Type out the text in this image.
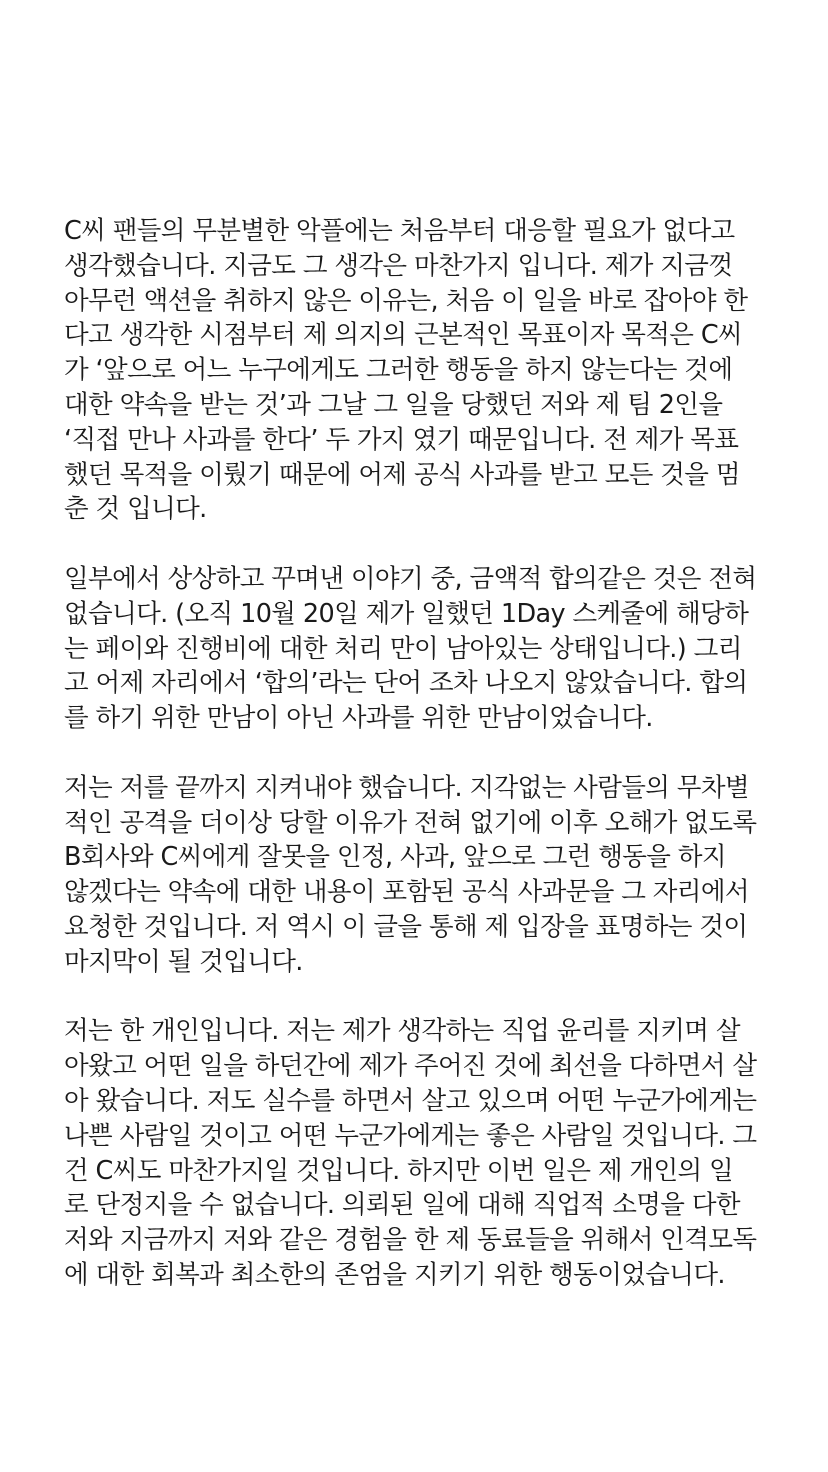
C씨 팬들의 무분별한 악플에는 처음부터 대응할 필요가 없다고
생각했습니다. 지금도 그 생각은 마찬가지 입니다. 제가 지금껏
아무런 액션을 취하지 않은 이유는, 처음 이 일을 바로 잡아야 한
다고 생각한 시점부터 제 의지의 근본적인 목표이자 목적은 C씨
가 ‘앞으로 어느 누구에게도 그러한 행동을 하지 않는다는 것에
대한 약속을 받는 것’과 그날 그 일을 당했던 저와 제 팀 2인을
‘직접 만나 사과를 한다’ 두 가지 였기 때문입니다. 전 제가 목표
했던 목적을 이뤘기 때문에 어제 공식 사과를 받고 모든 것을 멈
춘 것 입니다.
일부에서 상상하고 꾸며낸 이야기 중, 금액적 합의같은 것은 전혀
없습니다. (오직 10월 20일 제가 일했던 1Day 스케줄에 해당하
는 페이와 진행비에 대한 처리 만이 남아있는 상태입니다.) 그리
고 어제 자리에서 ‘합의’라는 단어 조차 나오지 않았습니다. 합의
를 하기 위한 만남이 아닌 사과를 위한 만남이었습니다.
저는 저를 끝까지 지켜내야 했습니다. 지각없는 사람들의 무차별
적인 공격을 더이상 당할 이유가 전혀 없기에 이후 오해가 없도록
B회사와 C씨에게 잘못을 인정, 사과, 앞으로 그런 행동을 하지
않겠다는 약속에 대한 내용이 포함된 공식 사과문을 그 자리에서
요청한 것입니다. 저 역시 이 글을 통해 제 입장을 표명하는 것이
마지막이 될 것입니다.
저는 한 개인입니다. 저는 제가 생각하는 직업 윤리를 지키며 살
아왔고 어떤 일을 하던간에 제가 주어진 것에 최선을 다하면서 살
아 왔습니다. 저도 실수를 하면서 살고 있으며 어떤 누군가에게는
나쁜 사람일 것이고 어떤 누군가에게는 좋은 사람일 것입니다. 그
건 C씨도 마찬가지일 것입니다. 하지만 이번 일은 제 개인의 일
로 단정지을 수 없습니다. 의뢰된 일에 대해 직업적 소명을 다한
저와 지금까지 저와 같은 경험을 한 제 동료들을 위해서 인격모독
에 대한 회복과 최소한의 존엄을 지키기 위한 행동이었습니다.
